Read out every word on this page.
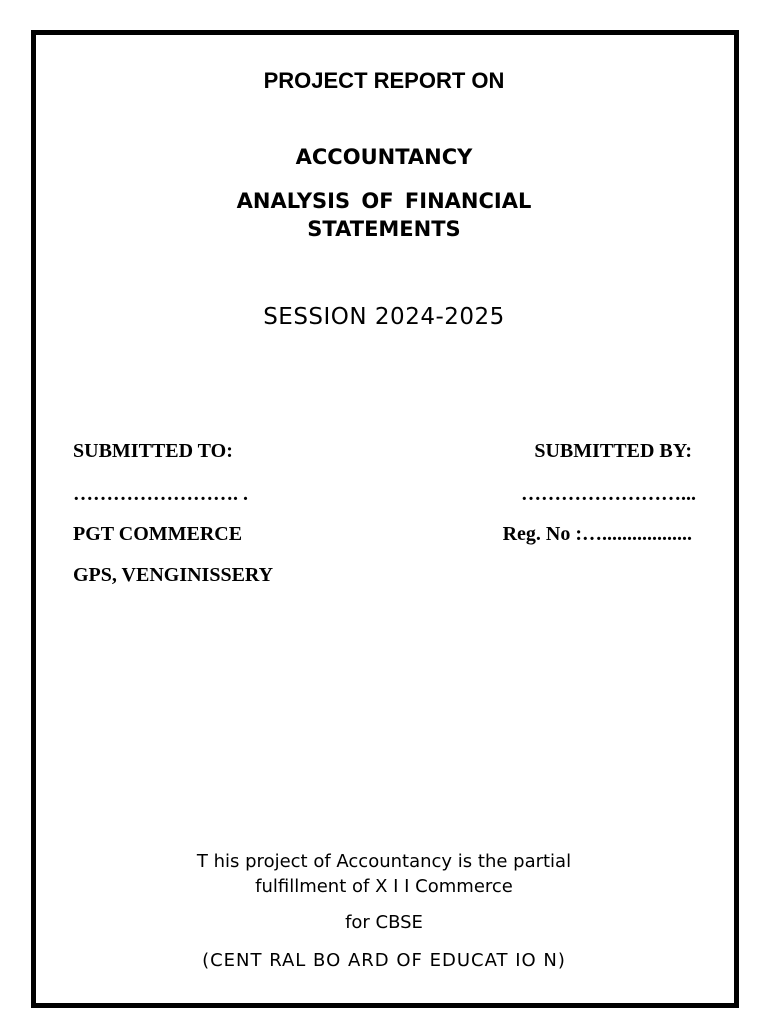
PROJECT REPORT ON
ACCOUNTANCY
ANALYSIS OF FINANCIAL
STATEMENTS
SESSION 2024-2025
SUBMITTED TO:	SUBMITTED BY:
……………………. .	……………………...
PGT COMMERCE	Reg. No :…..................
GPS, VENGINISSERY
T his project of Accountancy is the partial
fulfillment of X I I Commerce
for CBSE
(CENT RAL BO ARD OF EDUCAT IO N)
